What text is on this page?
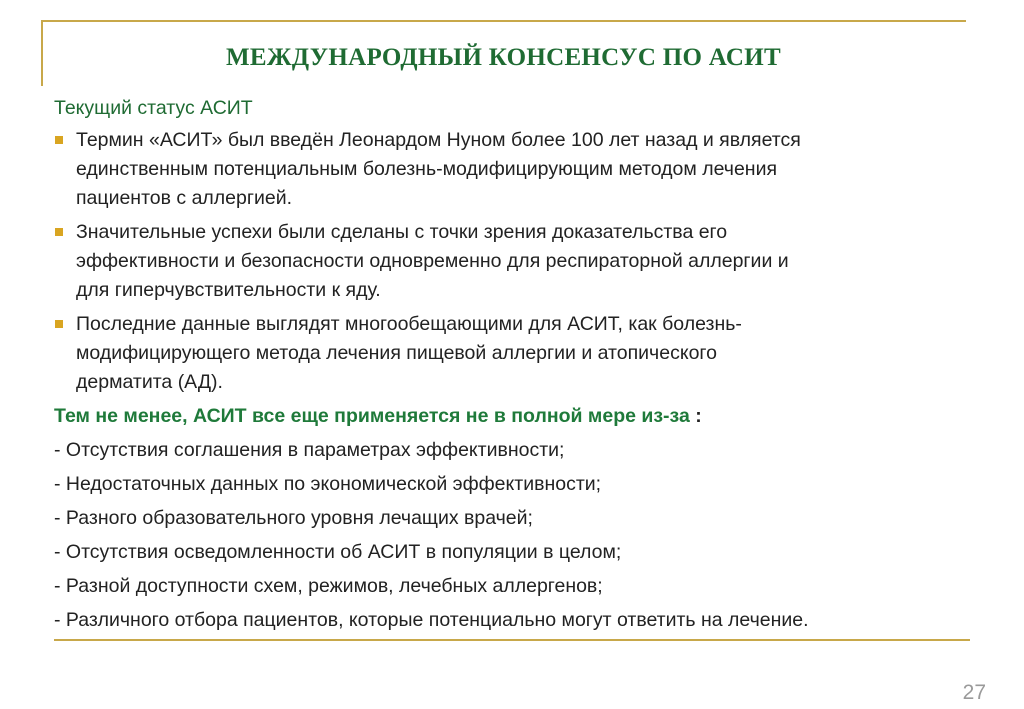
МЕЖДУНАРОДНЫЙ КОНСЕНСУС ПО АСИТ

Текущий статус АСИТ

Термин «АСИТ» был введён Леонардом Нуном более 100 лет назад и является
единственным потенциальным болезнь-модифицирующим методом лечения
пациентов с аллергией.
Значительные успехи были сделаны с точки зрения доказательства его
эффективности и безопасности одновременно для респираторной аллергии и
для гиперчувствительности к яду.
Последние данные выглядят многообещающими для АСИТ, как болезнь-
модифицирующего метода лечения пищевой аллергии и атопического
дерматита (АД).

Тем не менее, АСИТ все еще применяется не в полной мере из-за :

- Отсутствия соглашения в параметрах эффективности;
- Недостаточных данных по экономической эффективности;
- Разного образовательного уровня лечащих врачей;
- Отсутствия осведомленности об АСИТ в популяции в целом;
- Разной доступности схем, режимов, лечебных аллергенов;
- Различного отбора пациентов, которые потенциально могут ответить на лечение.
27
